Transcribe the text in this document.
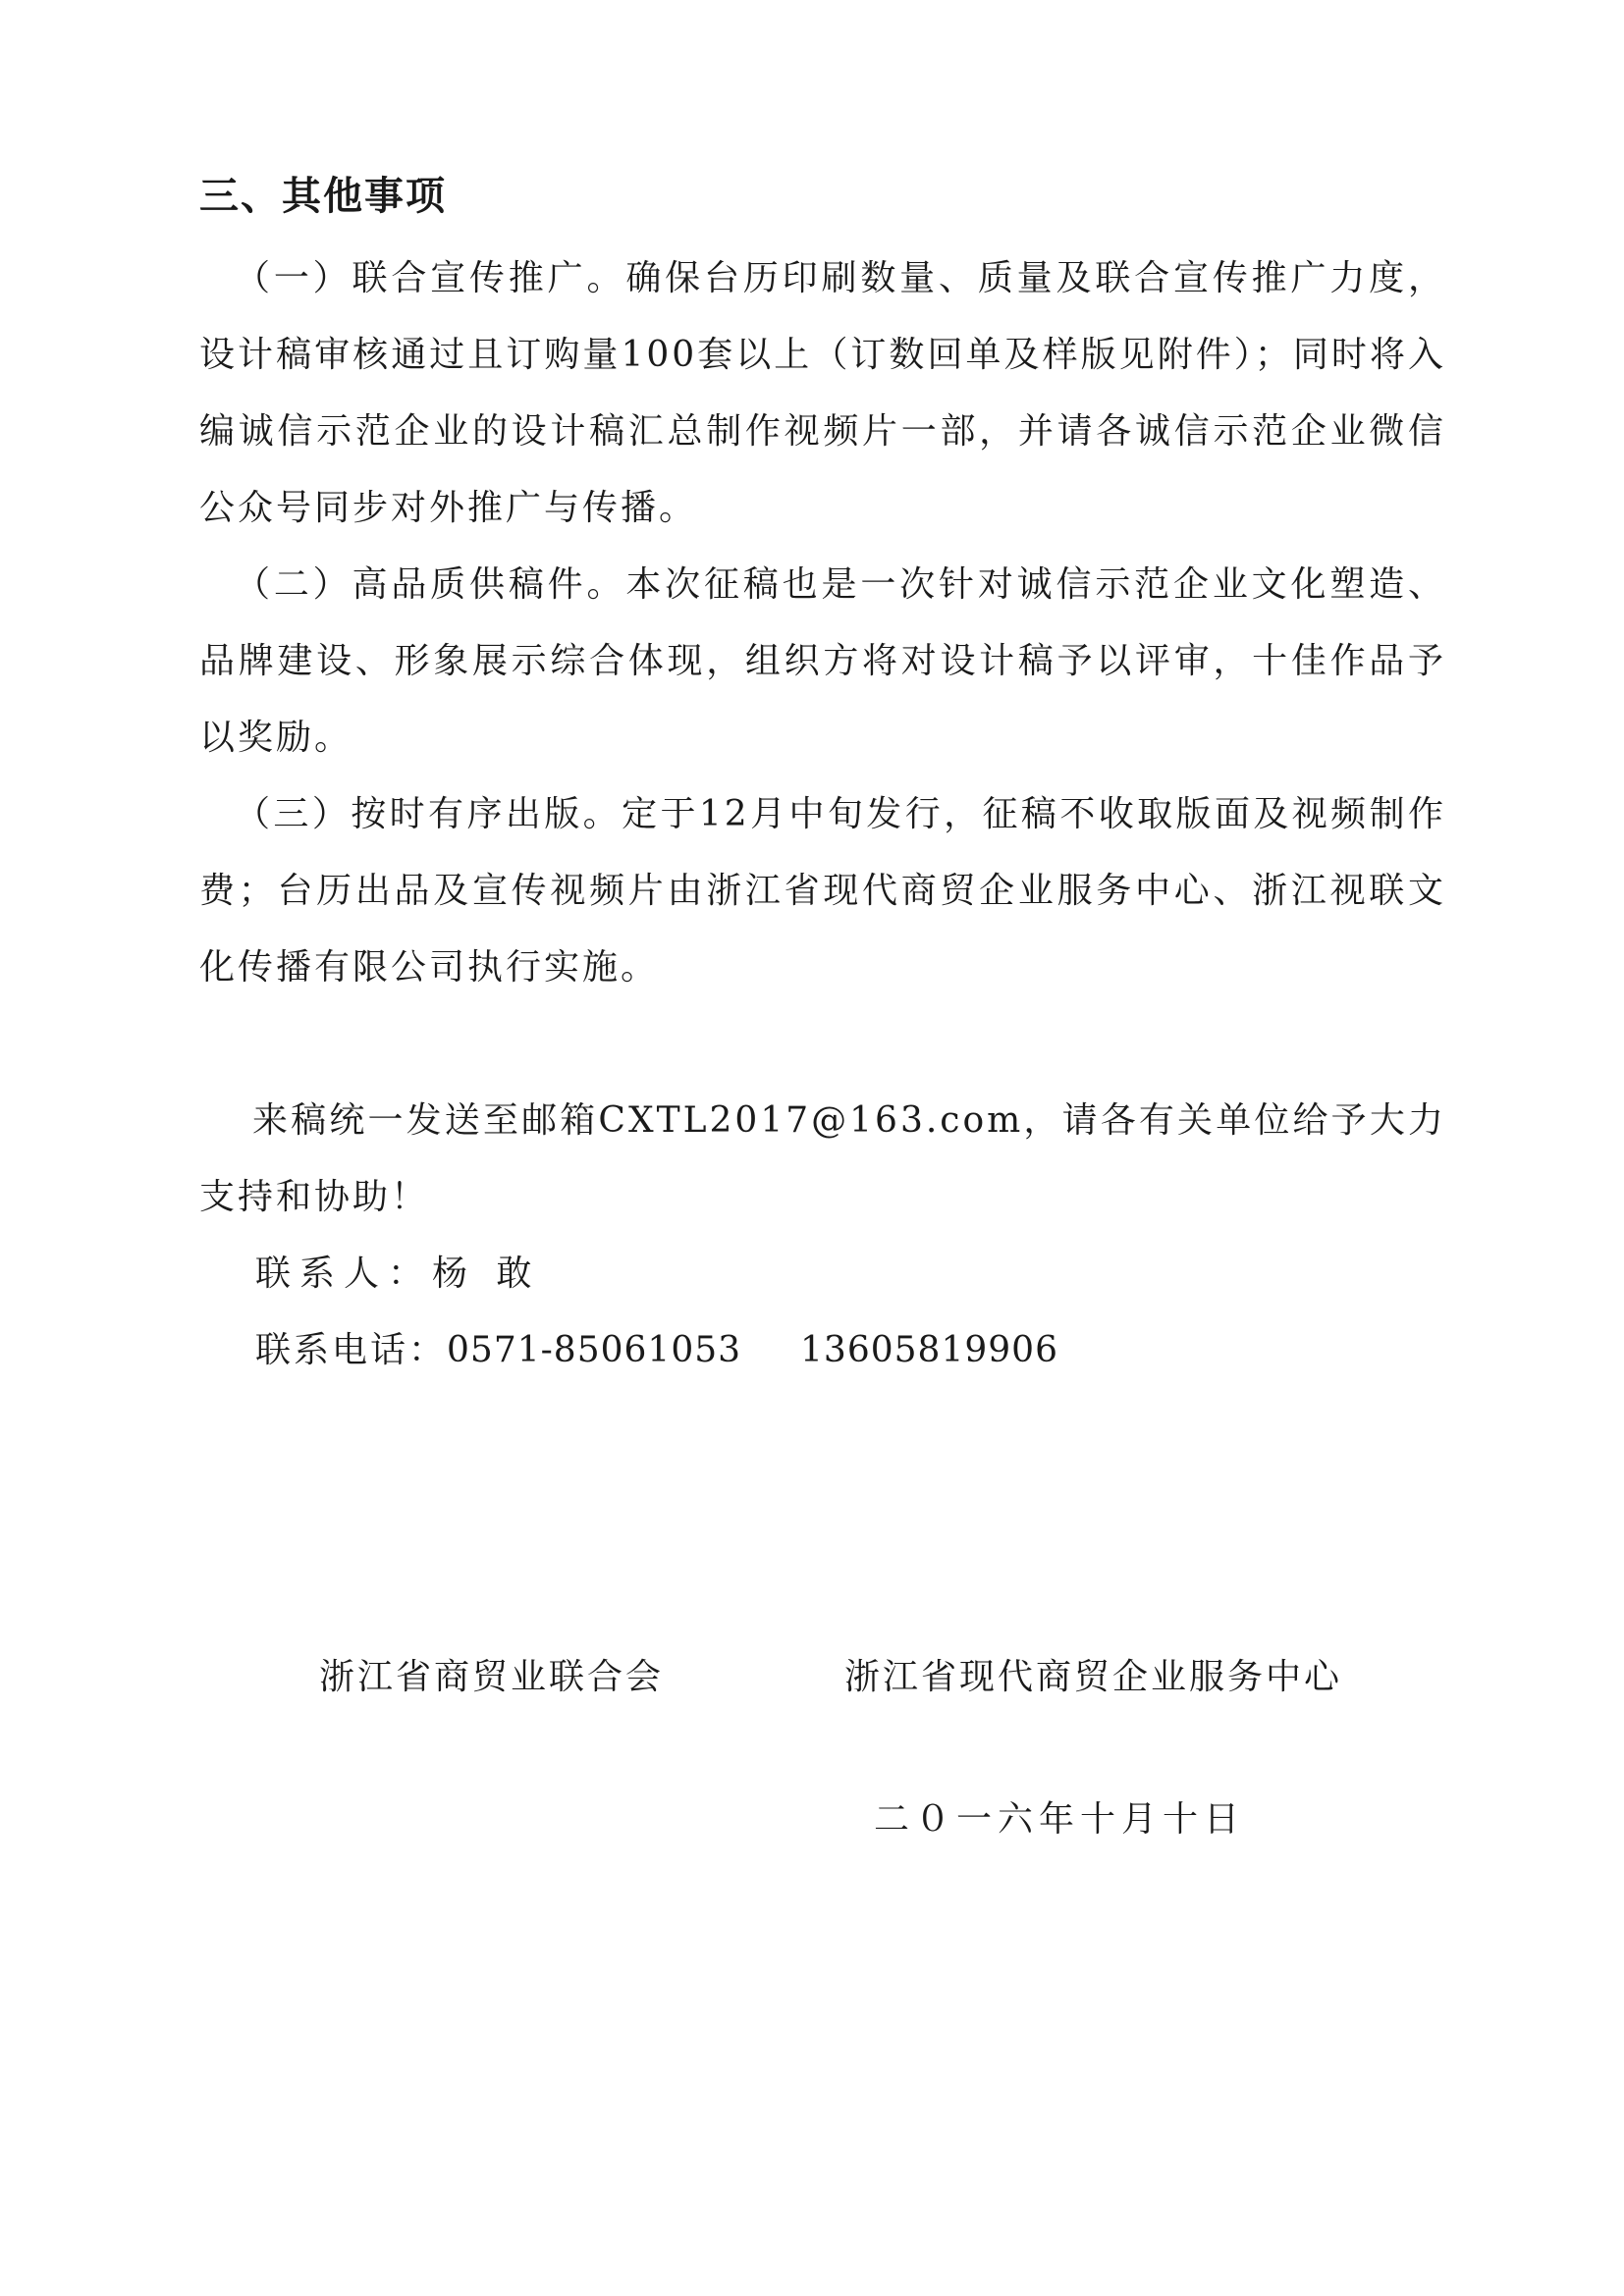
三、其他事项

（一）联合宣传推广。确保台历印刷数量、质量及联合宣传推广力度，设计稿审核通过且订购量100套以上（订数回单及样版见附件）；同时将入编诚信示范企业的设计稿汇总制作视频片一部，并请各诚信示范企业微信公众号同步对外推广与传播。

（二）高品质供稿件。本次征稿也是一次针对诚信示范企业文化塑造、品牌建设、形象展示综合体现，组织方将对设计稿予以评审，十佳作品予以奖励。

（三）按时有序出版。定于12月中旬发行，征稿不收取版面及视频制作费；台历出品及宣传视频片由浙江省现代商贸企业服务中心、浙江视联文化传播有限公司执行实施。

来稿统一发送至邮箱CXTL2017@163.com，请各有关单位给予大力支持和协助！

联系人：杨 敢
联系电话：0571-85061053 13605819906
浙江省商贸业联合会	浙江省现代商贸企业服务中心
二０一六年十月十日
